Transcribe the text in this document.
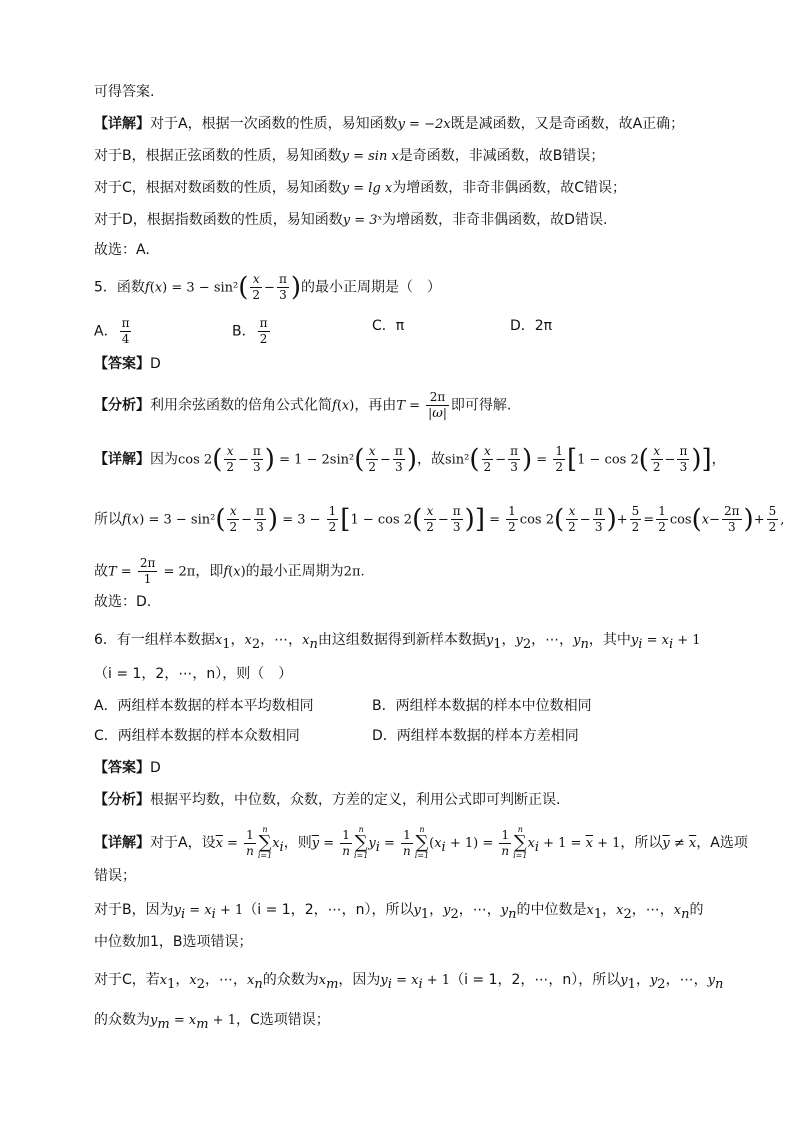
可得答案.
【详解】对于A，根据一次函数的性质，易知函数y = −2x既是减函数，又是奇函数，故A正确；
对于B，根据正弦函数的性质，易知函数y = sin x是奇函数，非减函数，故B错误；
对于C，根据对数函数的性质，易知函数y = lg x为增函数，非奇非偶函数，故C错误；
对于D，根据指数函数的性质，易知函数y = 3ˣ为增函数，非奇非偶函数，故D错误.
故选：A.
5．函数$f(x) = 3 - \sin^2( \frac{x}{2} - \frac{\pi}{3}$ )的最小正周期是（　）
A． $\frac{\pi}{4}$	B． $\frac{\pi}{2}$	C．π	D．2π
【答案】D
【分析】利用余弦函数的倍角公式化简f(x)，再由$T = \frac{2\pi}{|\omega|}$ 即可得解.
【详解】因为$\cos 2( \frac{x}{2} - \frac{\pi}{3}$ ) = $1 - 2\sin^2( \frac{x}{2} - \frac{\pi}{3}$ )，故$\sin^2( \frac{x}{2} - \frac{\pi}{3}$ ) = $\frac{1}{2} [1 - \cos 2( \frac{x}{2} - \frac{\pi}{3}$ )]，
所以$f(x) = 3 - \sin^2( \frac{x}{2} - \frac{\pi}{3}$ ) = $3 - \frac{1}{2} [1 - \cos 2( \frac{x}{2} - \frac{\pi}{3}$ )] = $\frac{1}{2}$ $\cos 2( \frac{x}{2} - \frac{\pi}{3}$ )+ $\frac{5}{2} = \frac{1}{2} \cos(x- \frac{2\pi}{3}$ )+ $\frac{5}{2}$ ,
故$T = \frac{2\pi}{1} = 2\pi$，即f(x)的最小正周期为2π.
故选：D.
6．有一组样本数据$x_1$，$x_2$，⋯，$x_n$由这组数据得到新样本数据$y_1$，$y_2$，⋯，$y_n$，其中$y_i = x_i + 1$
（i = 1，2，⋯，n），则（　）
A．两组样本数据的样本平均数相同	B．两组样本数据的样本中位数相同
C．两组样本数据的样本众数相同	D．两组样本数据的样本方差相同
【答案】D
【分析】根据平均数，中位数，众数，方差的定义，利用公式即可判断正误.
【详解】对于A，设$\overline{x} = \frac{1}{n}$ n
∑
i=1
$x_i$，则$\overline{y} = \frac{1}{n}$ n
∑
i=1
$y_i = \frac{1}{n}$ n
∑
i=1
$(x_i + 1) = \frac{1}{n}$ n
∑
i=1
$x_i + 1 = \overline{x} + 1$，所以$\overline{y} \ne \overline{x}$，A选项
错误；
对于B，因为$y_i = x_i + 1(i = 1$，2，⋯，n），所以$y_1$，$y_2$，⋯，$y_n$的中位数是$x_1$，$x_2$，⋯，$x_n$的
中位数加1，B选项错误；
对于C，若$x_1$，$x_2$，⋯，$x_n$的众数为$x_m$，因为$y_i = x_i + 1(i = 1$，2，⋯，n），所以$y_1$，$y_2$，⋯，$y_n$
的众数为$y_m = x_m + 1$，C选项错误；
